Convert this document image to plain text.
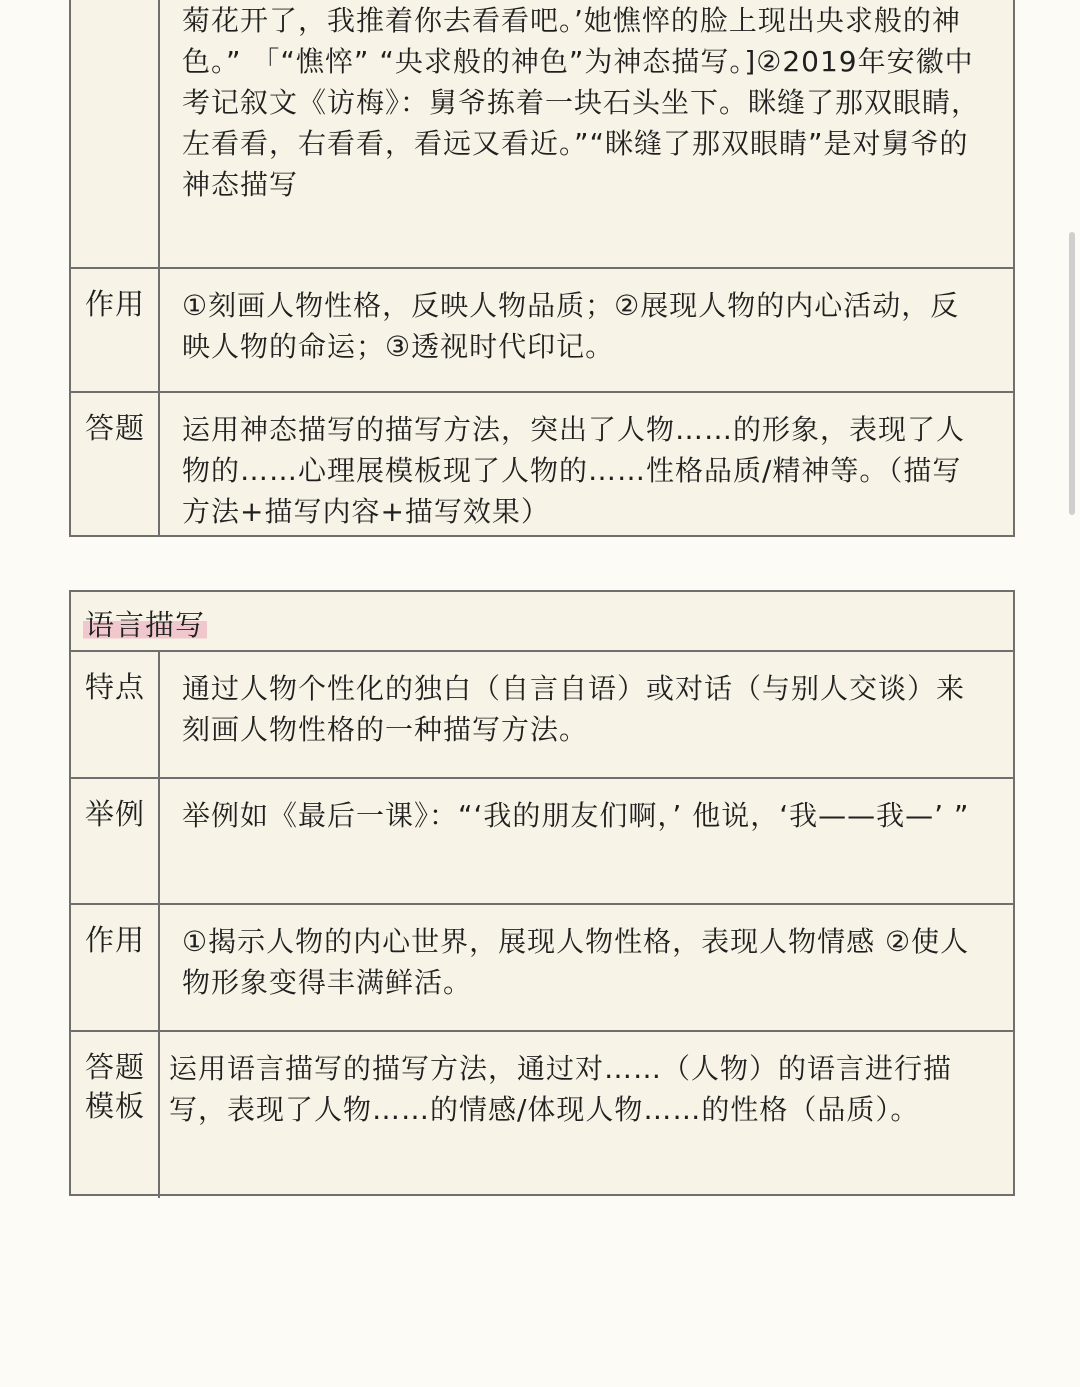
菊花开了，我推着你去看看吧。’她憔悴的脸上现出央求般的神色。” 「“憔悴” “央求般的神色”为神态描写。]②2019年安徽中考记叙文《访梅》：舅爷拣着一块石头坐下。眯缝了那双眼睛，左看看，右看看，看远又看近。”“眯缝了那双眼睛”是对舅爷的神态描写
作用 ①刻画人物性格，反映人物品质；②展现人物的内心活动，反映人物的命运；③透视时代印记。
答题 运用神态描写的描写方法，突出了人物……的形象，表现了人物的……心理展模板现了人物的……性格品质/精神等。（描写方法+描写内容+描写效果）
语言描写
特点 通过人物个性化的独白（自言自语）或对话（与别人交谈）来刻画人物性格的一种描写方法。
举例 举例如《最后一课》：“‘我的朋友们啊，’ 他说，‘我——我—’ ”
作用 ①揭示人物的内心世界，展现人物性格，表现人物情感 ②使人物形象变得丰满鲜活。
答题模板
运用语言描写的描写方法，通过对……（人物）的语言进行描写，表现了人物……的情感/体现人物……的性格（品质）。
